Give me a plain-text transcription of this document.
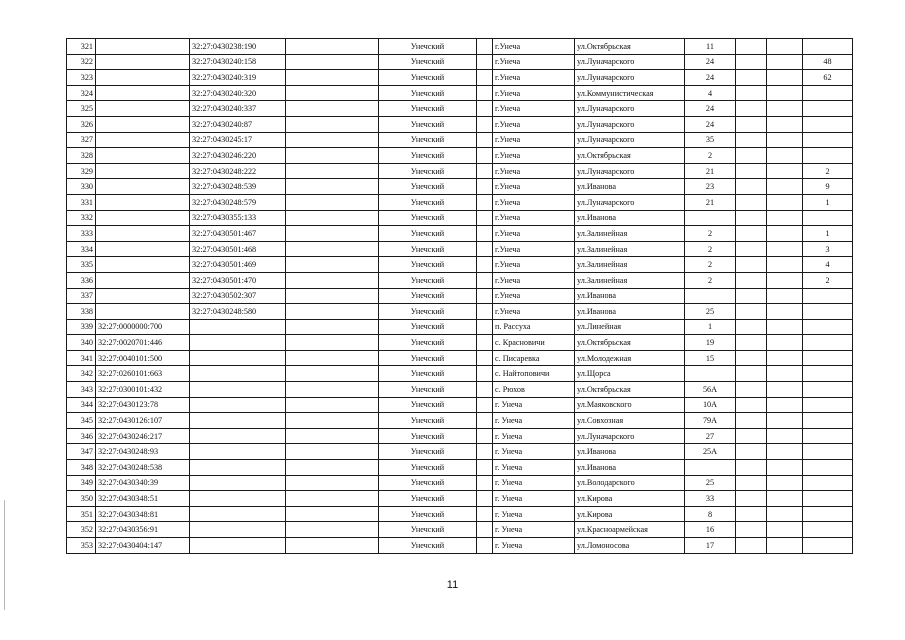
321		32:27:0430238:190		Унечский		г.Унеча	ул.Октябрьская	11			
322		32:27:0430240:158		Унечский		г.Унеча	ул.Луначарского	24			48
323		32:27:0430240:319		Унечский		г.Унеча	ул.Луначарского	24			62
324		32:27:0430240:320		Унечский		г.Унеча	ул.Коммунистическая	4			
325		32:27:0430240:337		Унечский		г.Унеча	ул.Луначарского	24			
326		32:27:0430240:87		Унечский		г.Унеча	ул.Луначарского	24			
327		32:27:0430245:17		Унечский		г.Унеча	ул.Луначарского	35			
328		32:27:0430246:220		Унечский		г.Унеча	ул.Октябрьская	2			
329		32:27:0430248:222		Унечский		г.Унеча	ул.Луначарского	21			2
330		32:27:0430248:539		Унечский		г.Унеча	ул.Иванова	23			9
331		32:27:0430248:579		Унечский		г.Унеча	ул.Луначарского	21			1
332		32:27:0430355:133		Унечский		г.Унеча	ул.Иванова				
333		32:27:0430501:467		Унечский		г.Унеча	ул.Залинейная	2			1
334		32:27:0430501:468		Унечский		г.Унеча	ул.Залинейная	2			3
335		32:27:0430501:469		Унечский		г.Унеча	ул.Залинейная	2			4
336		32:27:0430501:470		Унечский		г.Унеча	ул.Залинейная	2			2
337		32:27:0430502:307		Унечский		г.Унеча	ул.Иванова				
338		32:27:0430248:580		Унечский		г.Унеча	ул.Иванова	25			
339	32:27:0000000:700			Унечский		п. Рассуха	ул.Линейная	1			
340	32:27:0020701:446			Унечский		с. Красновичи	ул.Октябрьская	19			
341	32:27:0040101:500			Унечский		с. Писаревка	ул.Молодежная	15			
342	32:27:0260101:663			Унечский		с. Найтоповичи	ул.Щорса				
343	32:27:0300101:432			Унечский		с. Рюхов	ул.Октябрьская	56А			
344	32:27:0430123:78			Унечский		г. Унеча	ул.Маяковского	10А			
345	32:27:0430126:107			Унечский		г. Унеча	ул.Совхозная	79А			
346	32:27:0430246:217			Унечский		г. Унеча	ул.Луначарского	27			
347	32:27:0430248:93			Унечский		г. Унеча	ул.Иванова	25А			
348	32:27:0430248:538			Унечский		г. Унеча	ул.Иванова				
349	32:27:0430340:39			Унечский		г. Унеча	ул.Володарского	25			
350	32:27:0430348:51			Унечский		г. Унеча	ул.Кирова	33			
351	32:27:0430348:81			Унечский		г. Унеча	ул.Кирова	8			
352	32:27:0430356:91			Унечский		г. Унеча	ул.Красноармейская	16			
353	32:27:0430404:147			Унечский		г. Унеча	ул.Ломоносова	17			
11
